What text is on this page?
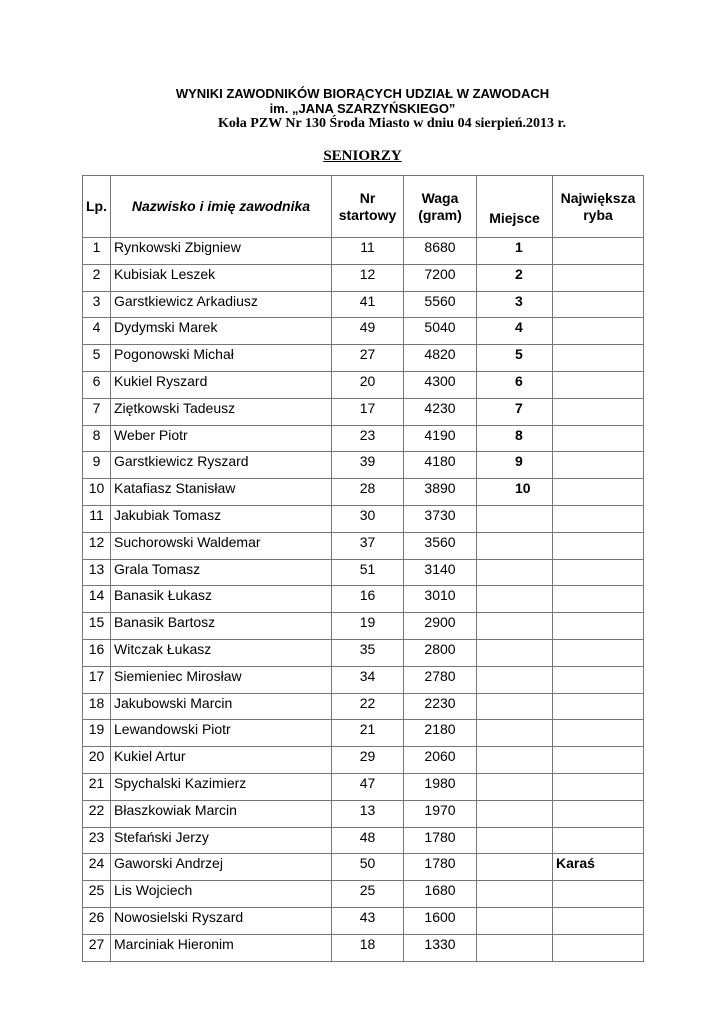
WYNIKI ZAWODNIKÓW BIORĄCYCH UDZIAŁ W ZAWODACH
im. „JANA SZARZYŃSKIEGO”
Koła PZW Nr 130 Środa Miasto w dniu 04 sierpień.2013 r.
SENIORZY
Lp.	Nazwisko i imię zawodnika	Nr startowy	Waga (gram)	Miejsce	Największa ryba
1	Rynkowski Zbigniew	11	8680	1	
2	Kubisiak Leszek	12	7200	2	
3	Garstkiewicz Arkadiusz	41	5560	3	
4	Dydymski Marek	49	5040	4	
5	Pogonowski Michał	27	4820	5	
6	Kukiel Ryszard	20	4300	6	
7	Ziętkowski Tadeusz	17	4230	7	
8	Weber Piotr	23	4190	8	
9	Garstkiewicz Ryszard	39	4180	9	
10	Katafiasz Stanisław	28	3890	10	
11	Jakubiak Tomasz	30	3730		
12	Suchorowski Waldemar	37	3560		
13	Grala Tomasz	51	3140		
14	Banasik Łukasz	16	3010		
15	Banasik Bartosz	19	2900		
16	Witczak Łukasz	35	2800		
17	Siemieniec Mirosław	34	2780		
18	Jakubowski Marcin	22	2230		
19	Lewandowski Piotr	21	2180		
20	Kukiel Artur	29	2060		
21	Spychalski Kazimierz	47	1980		
22	Błaszkowiak Marcin	13	1970		
23	Stefański Jerzy	48	1780		
24	Gaworski Andrzej	50	1780		Karaś
25	Lis Wojciech	25	1680		
26	Nowosielski Ryszard	43	1600		
27	Marciniak Hieronim	18	1330		
